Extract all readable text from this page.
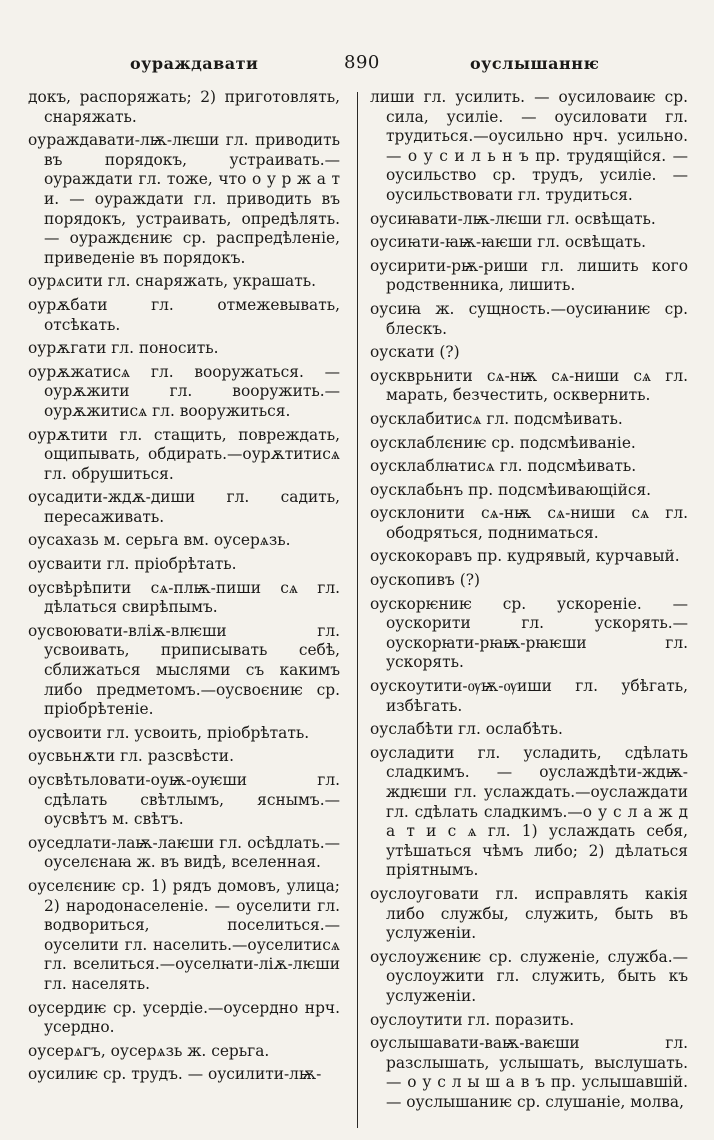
оураждавати	890	оуслышаннѥ

докъ, распоряжать; 2) приготовлять, снаряжать.

оураждавати-лѭ-лѥши гл. приводить въ порядокъ, устраивать.—оураждати гл. тоже, что о у р ж а т и. — оураждати гл. приводить въ порядокъ, устраивать, опредѣлять. — оураждєниѥ ср. распредѣленіе, приведеніе въ порядокъ.

оурѧсити гл. снаряжать, украшать.

оурѫбати гл. отмежевывать, отсѣкать.

оурѫгати гл. поносить.

оурѫжатисѧ гл. вооружаться. — оурѫжити гл. вооружить.—оурѫжитисѧ гл. вооружиться.

оурѫтити гл. стащить, повреждать, ощипывать, обдирать.—оурѫтитисѧ гл. обрушиться.

оусадити-ждѫ-диши гл. садить, пересаживать.

оусахазь м. серьга вм. оусерѧзь.

оусваити гл. пріобрѣтать.

оусвѣрѣпити сѧ-плѭ-пиши сѧ гл. дѣлаться свирѣпымъ.

оусвоювати-вліѫ-влѥши гл. усвоивать, приписывать себѣ, сближаться мыслями съ какимъ либо предметомъ.—оусвоєниѥ ср. пріобрѣтеніе.

оусвоити гл. усвоить, пріобрѣтать.

оусвьнѫти гл. разсвѣсти.

оусвѣтьловати-оуѭ-оуѥши гл. сдѣлать свѣтлымъ, яснымъ.—оусвѣтъ м. свѣтъ.

оуседлати-лаѭ-лаѥши гл. осѣдлать.— оуселєнаꙗ ж. въ видѣ, вселенная.

оуселєниѥ ср. 1) рядъ домовъ, улица; 2) народонаселеніе. — оуселити гл. водвориться, поселиться.—оуселити гл. населить.—оуселитисѧ гл. вселиться.—оуселꙗти-ліѫ-лѥши гл. населять.

оусердиѥ ср. усердіе.—оусердно нрч. усердно.

оусерѧгъ, оусерѧзь ж. серьга.

оусилиѥ ср. трудъ. — оусилити-лѭ-

лиши гл. усилить. — оусиловаиѥ ср. сила, усиліе. — оусиловати гл. трудиться.—оусильно нрч. усильно. — о у с и л ь н ъ пр. трудящійся. — оусильство ср. трудъ, усиліе. — оусильствовати гл. трудиться.

оусиꙗвати-лѭ-лѥши гл. освѣщать.

оусиꙗти-ꙗѭ-ꙗѥши гл. освѣщать.

оусирити-рѭ-риши гл. лишить кого родственника, лишить.

оусиꙗ ж. сущность.—оусиꙗниѥ ср. блескъ.

оускати (?)

оускврьнити сѧ-нѭ сѧ-ниши сѧ гл. марать, безчестить, осквернить.

оусклабитисѧ гл. подсмѣивать.

оусклаблєниѥ ср. подсмѣиваніе.

оусклаблꙗтисѧ гл. подсмѣивать.

оусклабьнъ пр. подсмѣивающійся.

оусклонити сѧ-нѭ сѧ-ниши сѧ гл. ободряться, подниматься.

оускокоравъ пр. кудрявый, курчавый.

оускопивъ (?)

оускорѥниѥ ср. ускореніе. — оускорити гл. ускорять.—оускорꙗти-рꙗѭ-рꙗѥши гл. ускорять.

оускоутити-ѹѭ-ѹиши гл. убѣгать, избѣгать.

оуслабѣти гл. ослабѣть.

оусладити гл. усладить, сдѣлать сладкимъ. — оуслаждѣти-ждѭ-ждѥши гл. услаждать.—оуслаждати гл. сдѣлать сладкимъ.—о у с л а ж д а т и с ѧ гл. 1) услаждать себя, утѣшаться чѣмъ либо; 2) дѣлаться пріятнымъ.

оуслоуговати гл. исправлять какія либо службы, служить, быть въ услуженіи.

оуслоужєниѥ ср. служеніе, служба.— оуслоужити гл. служить, быть къ услуженіи.

оуслоутити гл. поразить.

оуслышавати-ваѭ-ваѥши гл. разслышать, услышать, выслушать. — о у с л ы ш а в ъ пр. услышавшій.— оуслышаниѥ ср. слушаніе, молва,
